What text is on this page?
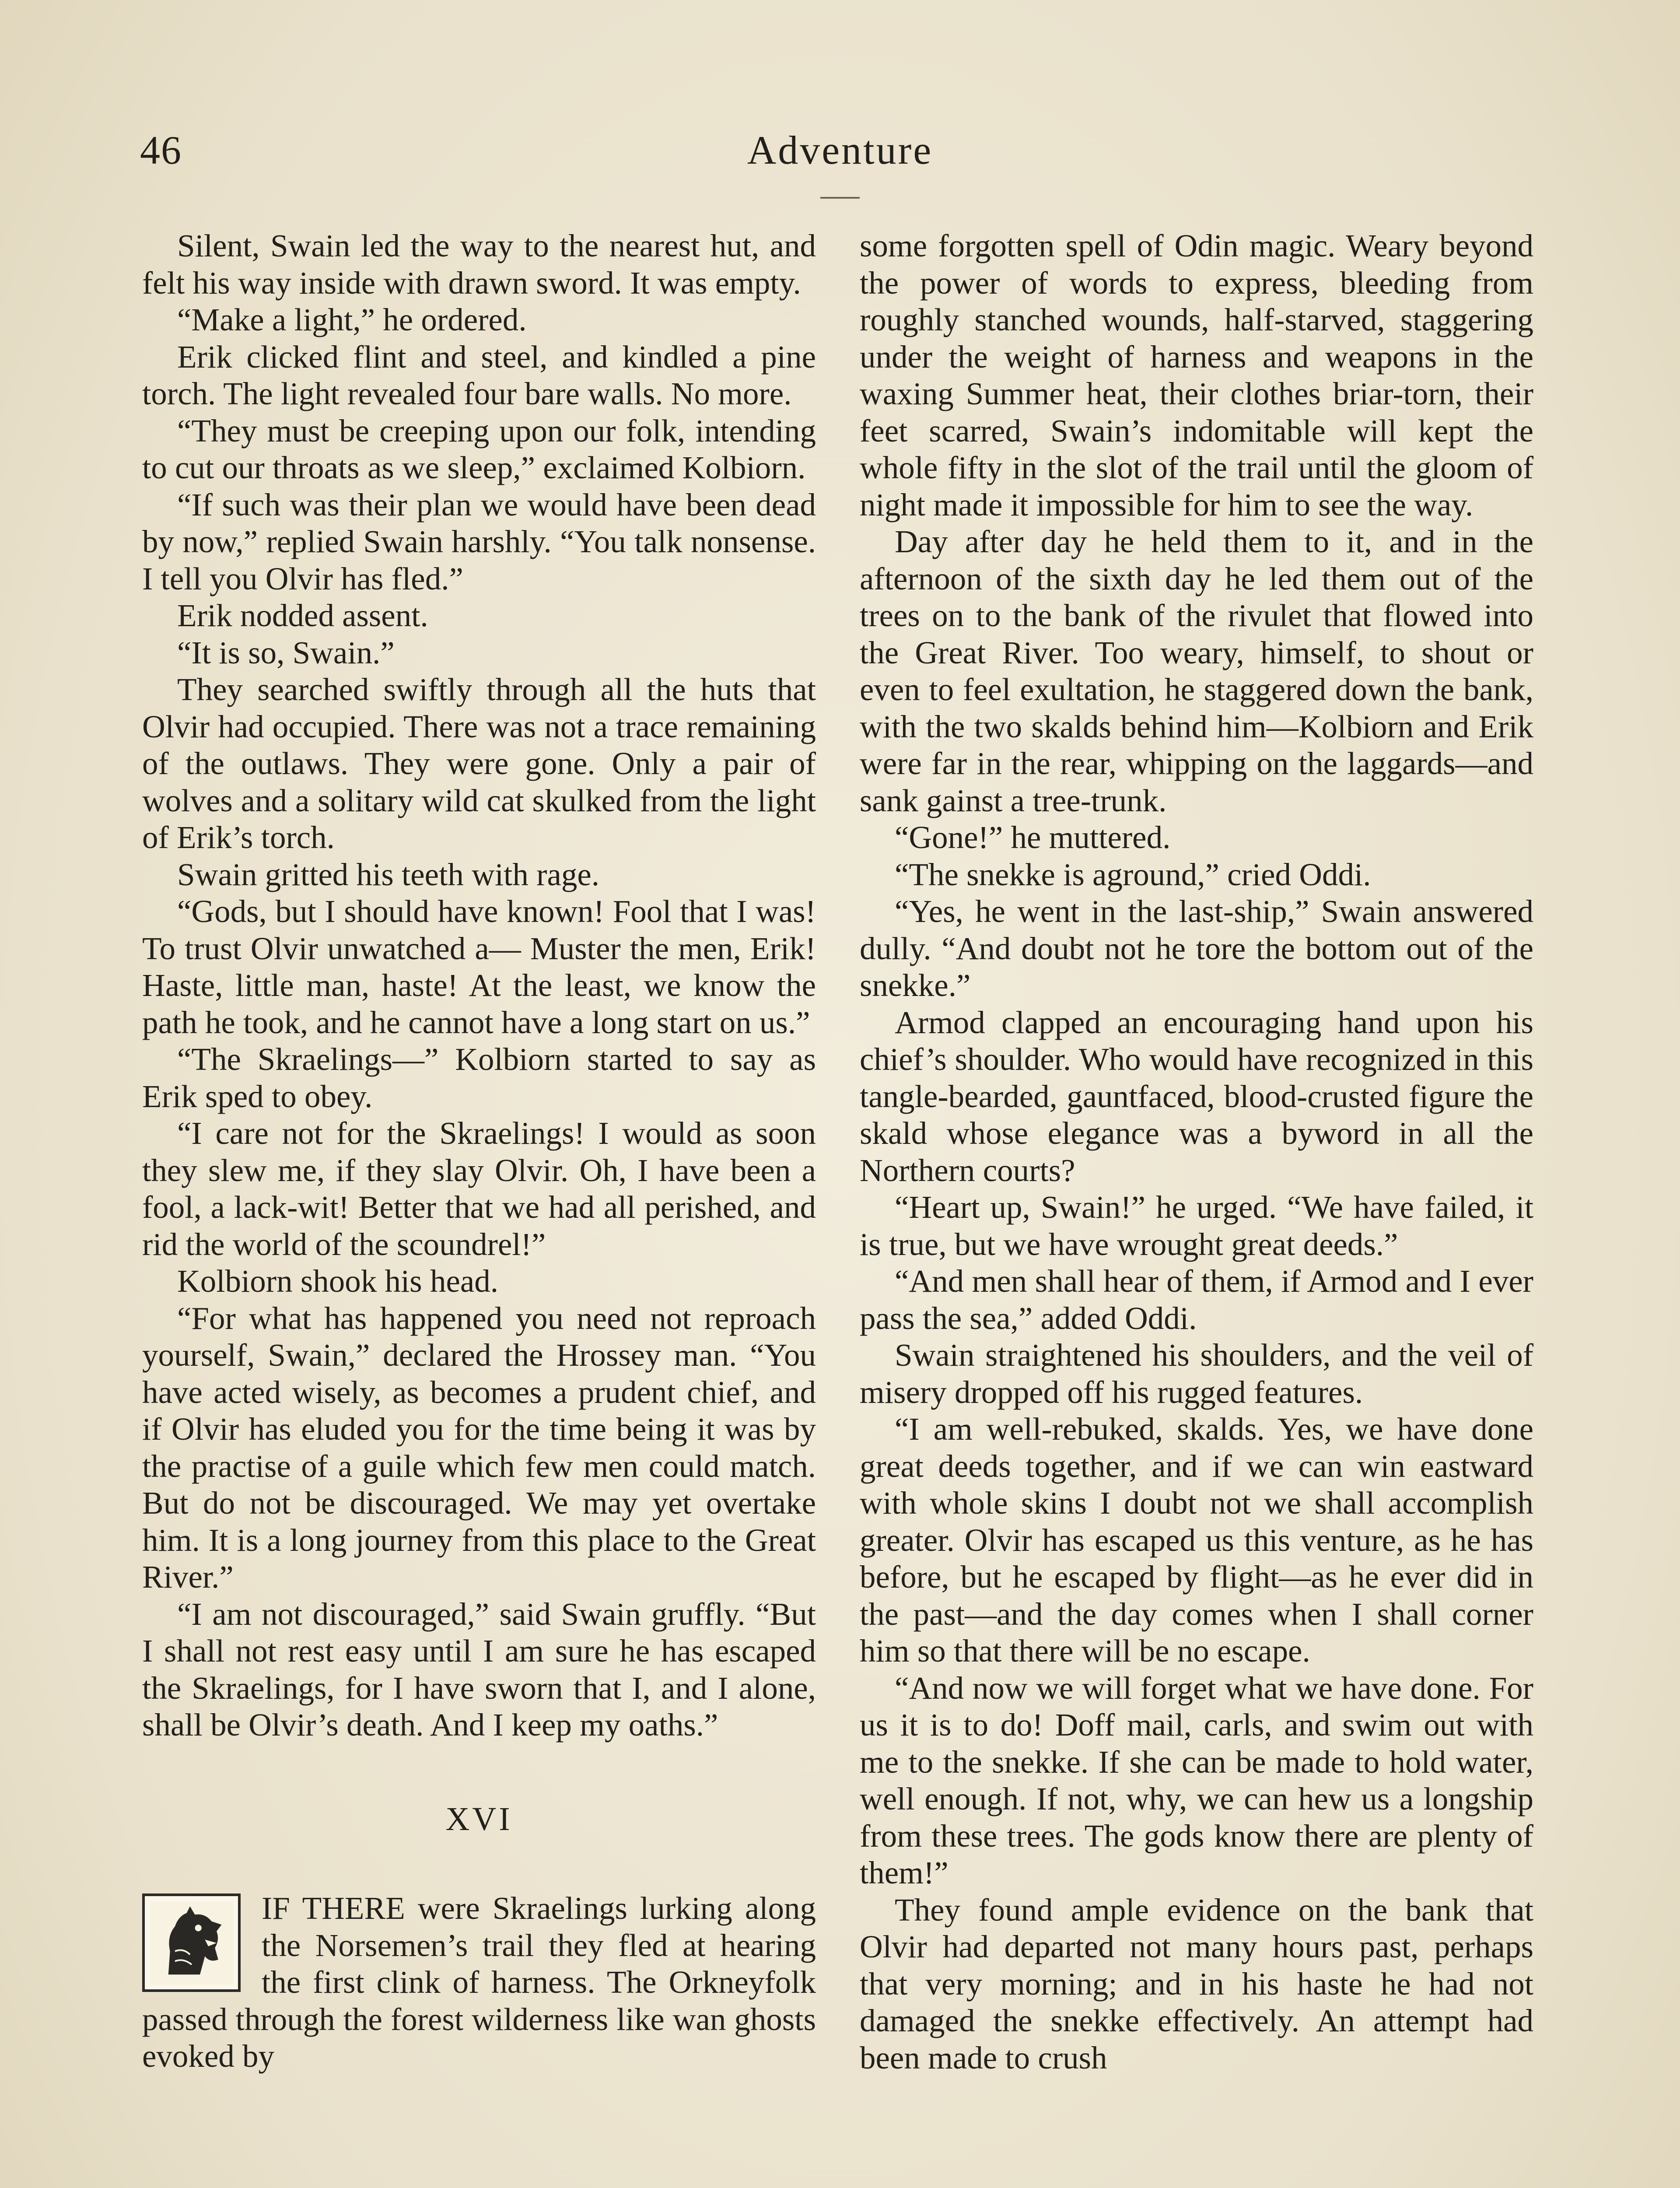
46	Adventure

Silent, Swain led the way to the nearest hut, and felt his way inside with drawn sword. It was empty.

“Make a light,” he ordered.

Erik clicked flint and steel, and kindled a pine torch. The light revealed four bare walls. No more.

“They must be creeping upon our folk, intending to cut our throats as we sleep,” exclaimed Kolbiorn.

“If such was their plan we would have been dead by now,” replied Swain harshly. “You talk nonsense. I tell you Olvir has fled.”

Erik nodded assent.

“It is so, Swain.”

They searched swiftly through all the huts that Olvir had occupied. There was not a trace remaining of the outlaws. They were gone. Only a pair of wolves and a solitary wild cat skulked from the light of Erik’s torch.

Swain gritted his teeth with rage.

“Gods, but I should have known! Fool that I was! To trust Olvir unwatched a— Muster the men, Erik! Haste, little man, haste! At the least, we know the path he took, and he cannot have a long start on us.”

“The Skraelings—” Kolbiorn started to say as Erik sped to obey.

“I care not for the Skraelings! I would as soon they slew me, if they slay Olvir. Oh, I have been a fool, a lack-wit! Better that we had all perished, and rid the world of the scoundrel!”

Kolbiorn shook his head.

“For what has happened you need not reproach yourself, Swain,” declared the Hrossey man. “You have acted wisely, as becomes a prudent chief, and if Olvir has eluded you for the time being it was by the practise of a guile which few men could match. But do not be discouraged. We may yet overtake him. It is a long journey from this place to the Great River.”

“I am not discouraged,” said Swain gruffly. “But I shall not rest easy until I am sure he has escaped the Skraelings, for I have sworn that I, and I alone, shall be Olvir’s death. And I keep my oaths.”

XVI

IF THERE were Skraelings lurking along the Norsemen’s trail they fled at hearing the first clink of harness. The Orkneyfolk passed through the forest wilderness like wan ghosts evoked by

some forgotten spell of Odin magic. Weary beyond the power of words to express, bleeding from roughly stanched wounds, half-starved, staggering under the weight of harness and weapons in the waxing Summer heat, their clothes briar-torn, their feet scarred, Swain’s indomitable will kept the whole fifty in the slot of the trail until the gloom of night made it impossible for him to see the way.

Day after day he held them to it, and in the afternoon of the sixth day he led them out of the trees on to the bank of the rivulet that flowed into the Great River. Too weary, himself, to shout or even to feel exultation, he staggered down the bank, with the two skalds behind him—Kolbiorn and Erik were far in the rear, whipping on the laggards—and sank gainst a tree-trunk.

“Gone!” he muttered.

“The snekke is aground,” cried Oddi.

“Yes, he went in the last-ship,” Swain answered dully. “And doubt not he tore the bottom out of the snekke.”

Armod clapped an encouraging hand upon his chief’s shoulder. Who would have recognized in this tangle-bearded, gauntfaced, blood-crusted figure the skald whose elegance was a byword in all the Northern courts?

“Heart up, Swain!” he urged. “We have failed, it is true, but we have wrought great deeds.”

“And men shall hear of them, if Armod and I ever pass the sea,” added Oddi.

Swain straightened his shoulders, and the veil of misery dropped off his rugged features.

“I am well-rebuked, skalds. Yes, we have done great deeds together, and if we can win eastward with whole skins I doubt not we shall accomplish greater. Olvir has escaped us this venture, as he has before, but he escaped by flight—as he ever did in the past—and the day comes when I shall corner him so that there will be no escape.

“And now we will forget what we have done. For us it is to do! Doff mail, carls, and swim out with me to the snekke. If she can be made to hold water, well enough. If not, why, we can hew us a longship from these trees. The gods know there are plenty of them!”

They found ample evidence on the bank that Olvir had departed not many hours past, perhaps that very morning; and in his haste he had not damaged the snekke effectively. An attempt had been made to crush
